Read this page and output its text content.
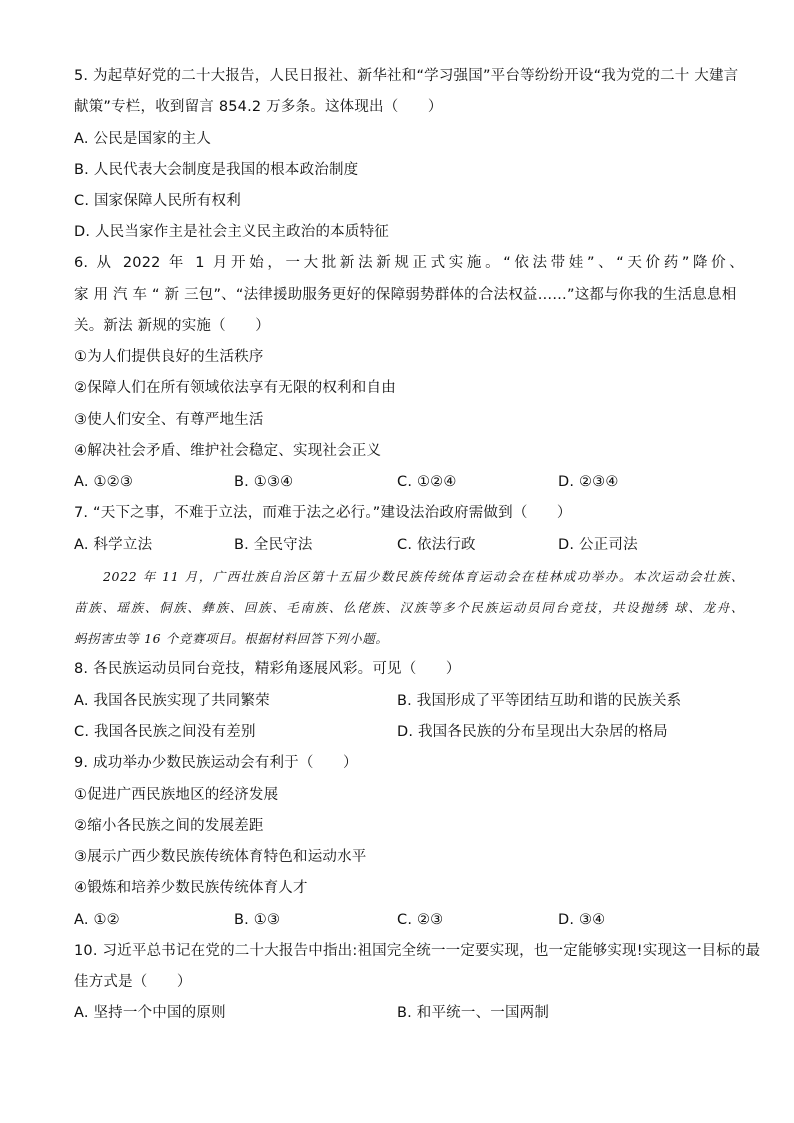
5. 为起草好党的二十大报告，人民日报社、新华社和“学习强国”平台等纷纷开设“我为党的二十 大建言
献策”专栏，收到留言 854.2 万多条。这体现出（　　）
A. 公民是国家的主人
B. 人民代表大会制度是我国的根本政治制度
C. 国家保障人民所有权利
D. 人民当家作主是社会主义民主政治的本质特征
6. 从 2022 年 1 月开始，一大批新法新规正式实施。“依法带娃”、“天价药”降价、
家 用 汽 车 “ 新 三包”、“法律援助服务更好的保障弱势群体的合法权益……”这都与你我的生活息息相
关。新法 新规的实施（　　）
①为人们提供良好的生活秩序
②保障人们在所有领域依法享有无限的权利和自由
③使人们安全、有尊严地生活
④解决社会矛盾、维护社会稳定、实现社会正义
A. ①②③	B. ①③④	C. ①②④	D. ②③④
7. “天下之事，不难于立法，而难于法之必行。”建设法治政府需做到（　　）
A. 科学立法	B. 全民守法	C. 依法行政	D. 公正司法
2022 年 11 月，广西壮族自治区第十五届少数民族传统体育运动会在桂林成功举办。本次运动会壮族、
苗族、瑶族、侗族、彝族、回族、毛南族、仫佬族、汉族等多个民族运动员同台竞技，共设抛绣 球、龙舟、
蚂拐害虫等 16 个竞赛项目。根据材料回答下列小题。
8. 各民族运动员同台竞技，精彩角逐展风彩。可见（　　）
A. 我国各民族实现了共同繁荣	B. 我国形成了平等团结互助和谐的民族关系
C. 我国各民族之间没有差别	D. 我国各民族的分布呈现出大杂居的格局
9. 成功举办少数民族运动会有利于（　　）
①促进广西民族地区的经济发展
②缩小各民族之间的发展差距
③展示广西少数民族传统体育特色和运动水平
④锻炼和培养少数民族传统体育人才
A. ①②	B. ①③	C. ②③	D. ③④
10. 习近平总书记在党的二十大报告中指出:祖国完全统一一定要实现，也一定能够实现!实现这一目标的最
佳方式是（　　）
A. 坚持一个中国的原则	B. 和平统一、一国两制
